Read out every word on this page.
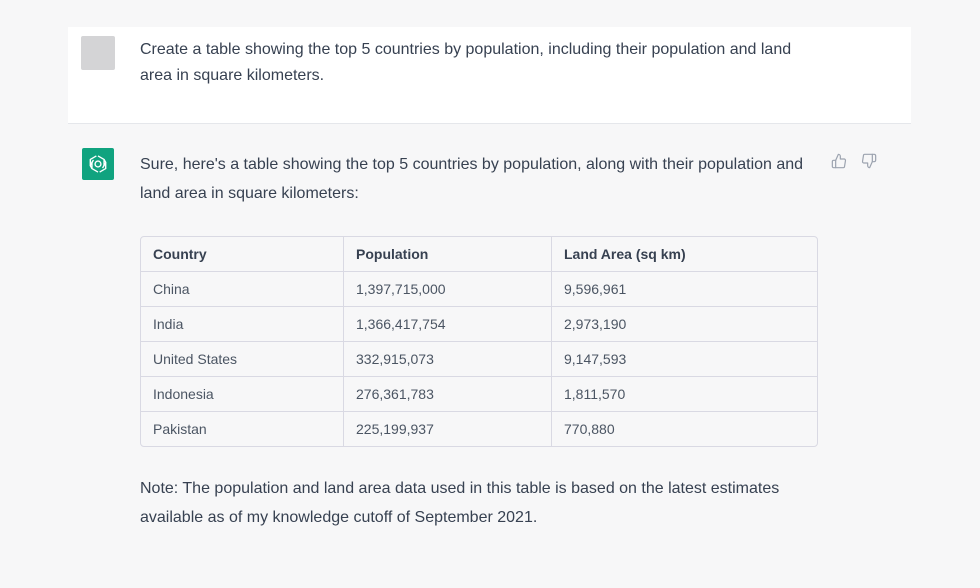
Create a table showing the top 5 countries by population, including their population and land area in square kilometers.
Sure, here's a table showing the top 5 countries by population, along with their population and land area in square kilometers:
Country	Population	Land Area (sq km)
China	1,397,715,000	9,596,961
India	1,366,417,754	2,973,190
United States	332,915,073	9,147,593
Indonesia	276,361,783	1,811,570
Pakistan	225,199,937	770,880
Note: The population and land area data used in this table is based on the latest estimates available as of my knowledge cutoff of September 2021.
